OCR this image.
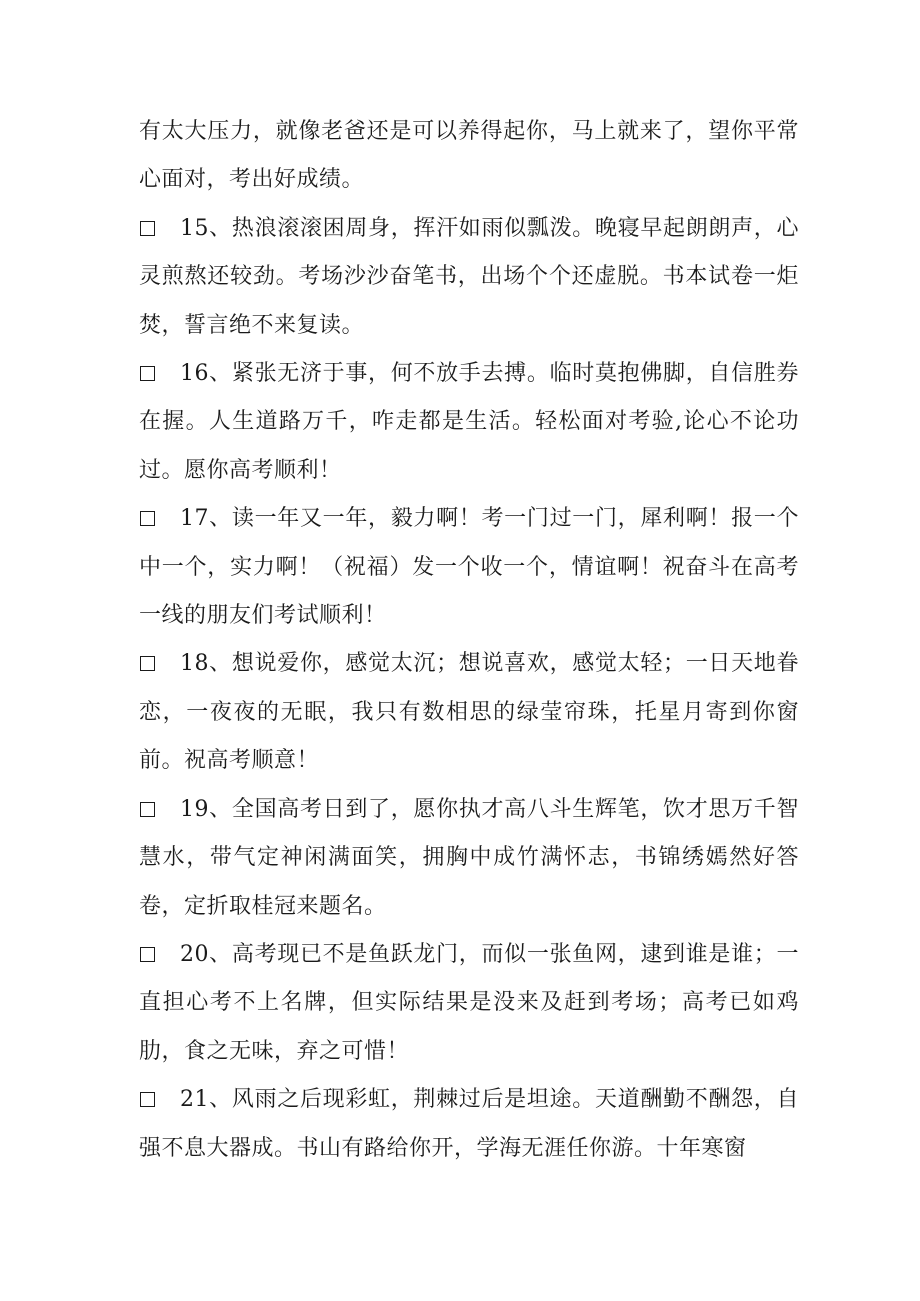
有太大压力，就像老爸还是可以养得起你，马上就来了，望你平常心面对，考出好成绩。

15、热浪滚滚困周身，挥汗如雨似瓢泼。晚寝早起朗朗声，心灵煎熬还较劲。考场沙沙奋笔书，出场个个还虚脱。书本试卷一炬焚，誓言绝不来复读。

16、紧张无济于事，何不放手去搏。临时莫抱佛脚，自信胜券在握。人生道路万千，咋走都是生活。轻松面对考验,论心不论功过。愿你高考顺利！

17、读一年又一年，毅力啊！考一门过一门，犀利啊！报一个中一个，实力啊！（祝福）发一个收一个，情谊啊！祝奋斗在高考一线的朋友们考试顺利！

18、想说爱你，感觉太沉；想说喜欢，感觉太轻；一日天地眷恋，一夜夜的无眠，我只有数相思的绿莹帘珠，托星月寄到你窗前。祝高考顺意！

19、全国高考日到了，愿你执才高八斗生辉笔，饮才思万千智慧水，带气定神闲满面笑，拥胸中成竹满怀志，书锦绣嫣然好答卷，定折取桂冠来题名。

20、高考现已不是鱼跃龙门，而似一张鱼网，逮到谁是谁；一直担心考不上名牌，但实际结果是没来及赶到考场；高考已如鸡肋，食之无味，弃之可惜！

21、风雨之后现彩虹，荆棘过后是坦途。天道酬勤不酬怨，自强不息大器成。书山有路给你开，学海无涯任你游。十年寒窗
